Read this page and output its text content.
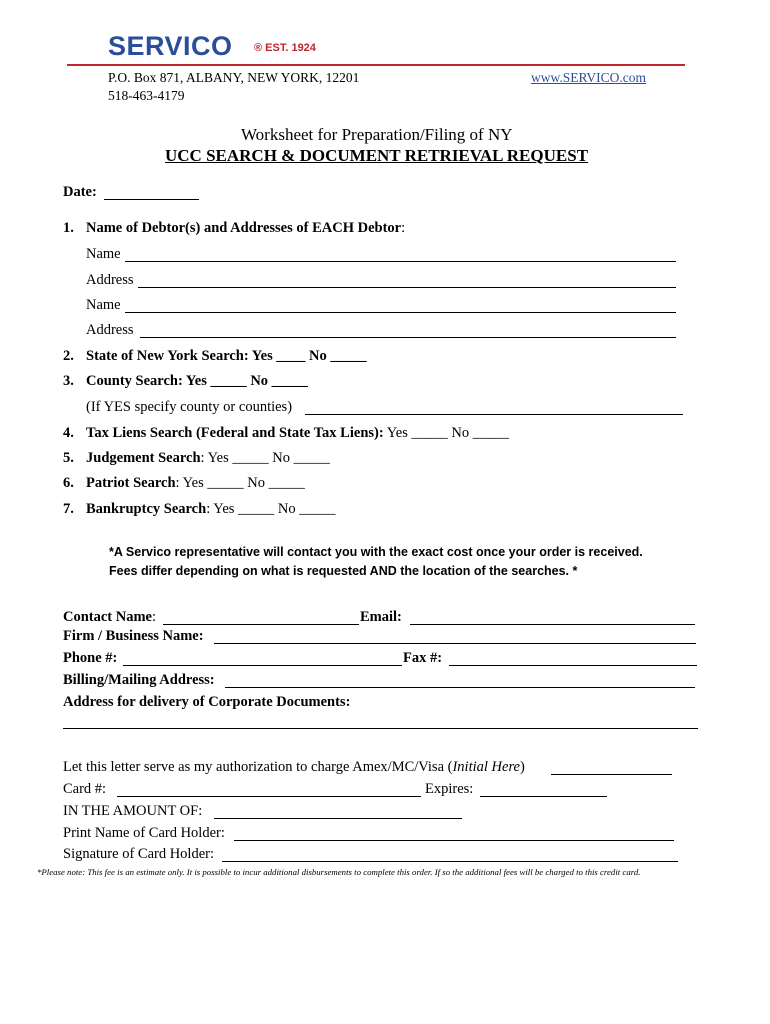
SERVICO ® EST. 1924
P.O. Box 871, ALBANY, NEW YORK, 12201
518-463-4179
www.SERVICO.com
Worksheet for Preparation/Filing of NY
UCC SEARCH & DOCUMENT RETRIEVAL REQUEST
Date:
1. Name of Debtor(s) and Addresses of EACH Debtor:
Name
Address
Name
Address
2. State of New York Search: Yes ____ No _____
3. County Search: Yes _____ No _____
(If YES specify county or counties)
4. Tax Liens Search (Federal and State Tax Liens): Yes _____ No _____
5. Judgement Search: Yes _____ No _____
6. Patriot Search: Yes _____ No _____
7. Bankruptcy Search: Yes _____ No _____
*A Servico representative will contact you with the exact cost once your order is received.
Fees differ depending on what is requested AND the location of the searches. *
Contact Name:	Email:
Firm / Business Name:
Phone #:	Fax #:
Billing/Mailing Address:
Address for delivery of Corporate Documents:
Let this letter serve as my authorization to charge Amex/MC/Visa (Initial Here)
Card #:	Expires:
IN THE AMOUNT OF:
Print Name of Card Holder:
Signature of Card Holder:
*Please note: This fee is an estimate only. It is possible to incur additional disbursements to complete this order. If so the additional fees will be charged to this credit card.
